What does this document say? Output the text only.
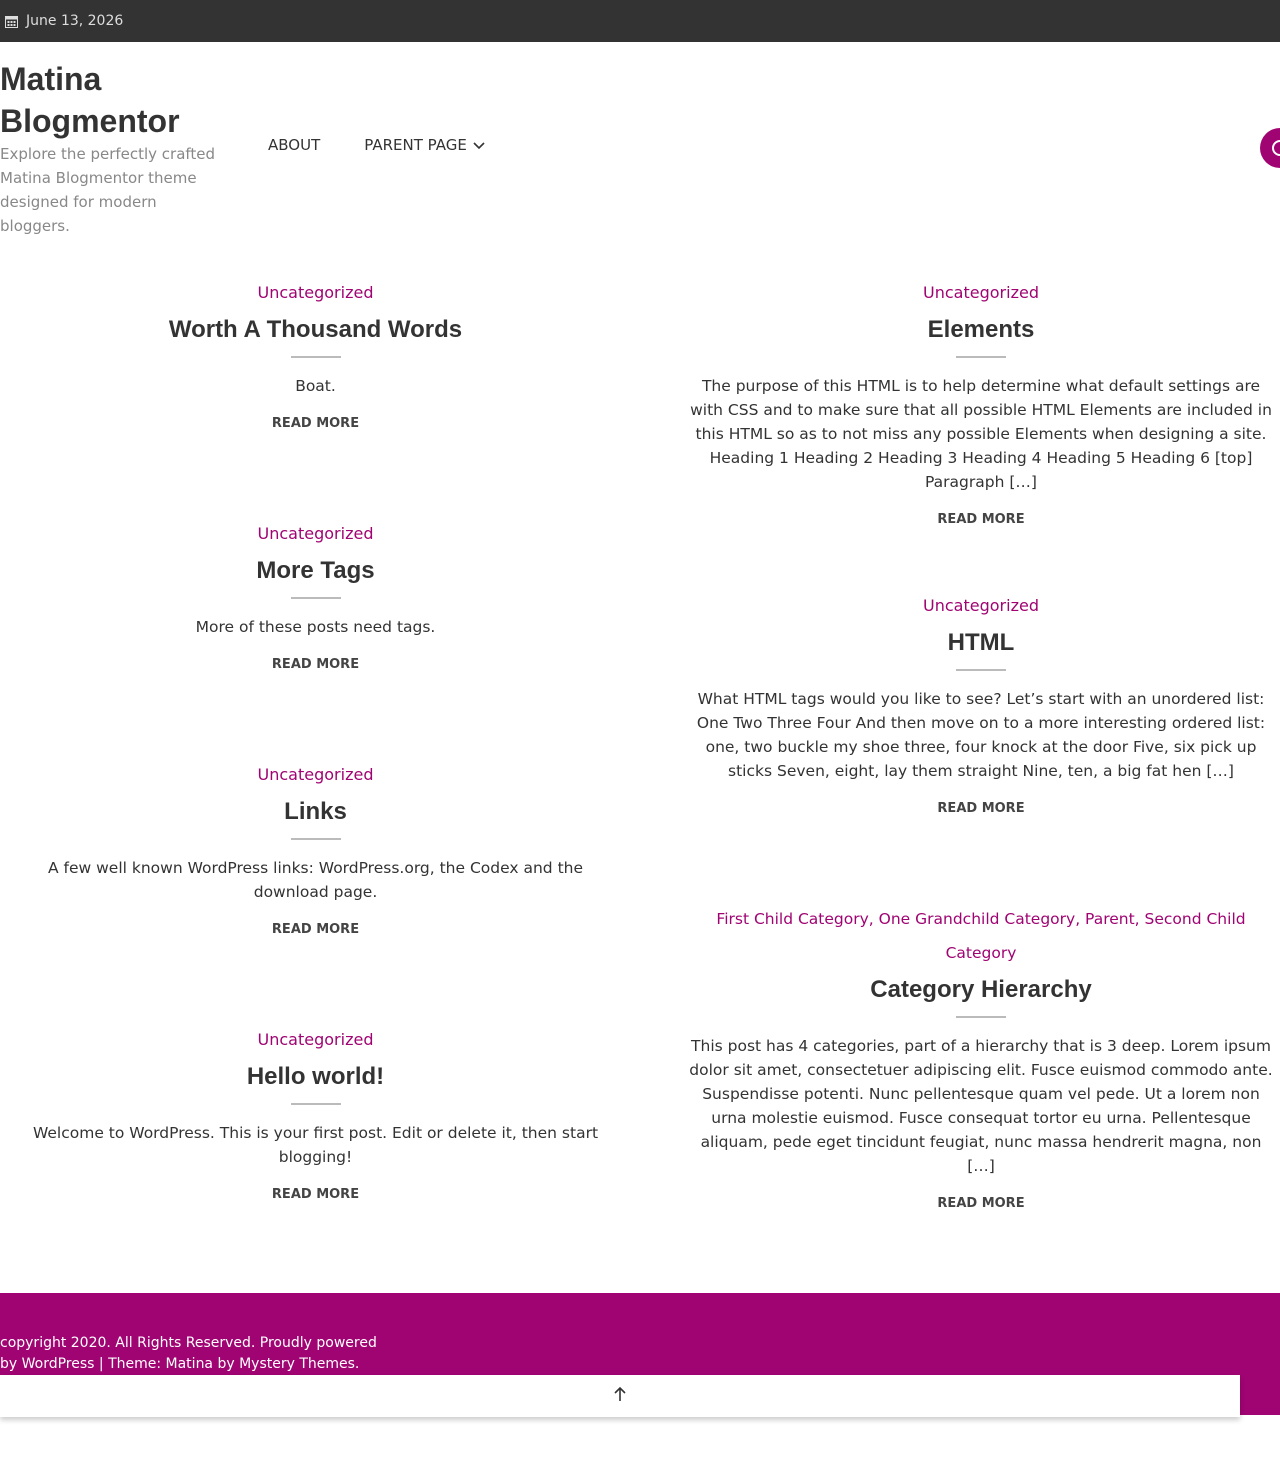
June 13, 2026
Matina Blogmentor
Explore the perfectly crafted Matina Blogmentor theme designed for modern bloggers.
ABOUT	PARENT PAGE
Uncategorized
Worth A Thousand Words

Boat.

READ MORE
Uncategorized
More Tags

More of these posts need tags.

READ MORE
Uncategorized
Links

A few well known WordPress links: WordPress.org, the Codex and the download page.

READ MORE
Uncategorized
Hello world!

Welcome to WordPress. This is your first post. Edit or delete it, then start blogging!

READ MORE
Uncategorized
Elements

The purpose of this HTML is to help determine what default settings are with CSS and to make sure that all possible HTML Elements are included in this HTML so as to not miss any possible Elements when designing a site. Heading 1 Heading 2 Heading 3 Heading 4 Heading 5 Heading 6 [top] Paragraph […]

READ MORE
Uncategorized
HTML

What HTML tags would you like to see? Let’s start with an unordered list: One Two Three Four And then move on to a more interesting ordered list: one, two buckle my shoe three, four knock at the door Five, six pick up sticks Seven, eight, lay them straight Nine, ten, a big fat hen […]

READ MORE
First Child Category, One Grandchild Category, Parent, Second Child Category
Category Hierarchy

This post has 4 categories, part of a hierarchy that is 3 deep. Lorem ipsum dolor sit amet, consectetuer adipiscing elit. Fusce euismod commodo ante. Suspendisse potenti. Nunc pellentesque quam vel pede. Ut a lorem non urna molestie euismod. Fusce consequat tortor eu urna. Pellentesque aliquam, pede eget tincidunt feugiat, nunc massa hendrerit magna, non […]

READ MORE
copyright 2020. All Rights Reserved. Proudly powered by WordPress | Theme: Matina by Mystery Themes.
